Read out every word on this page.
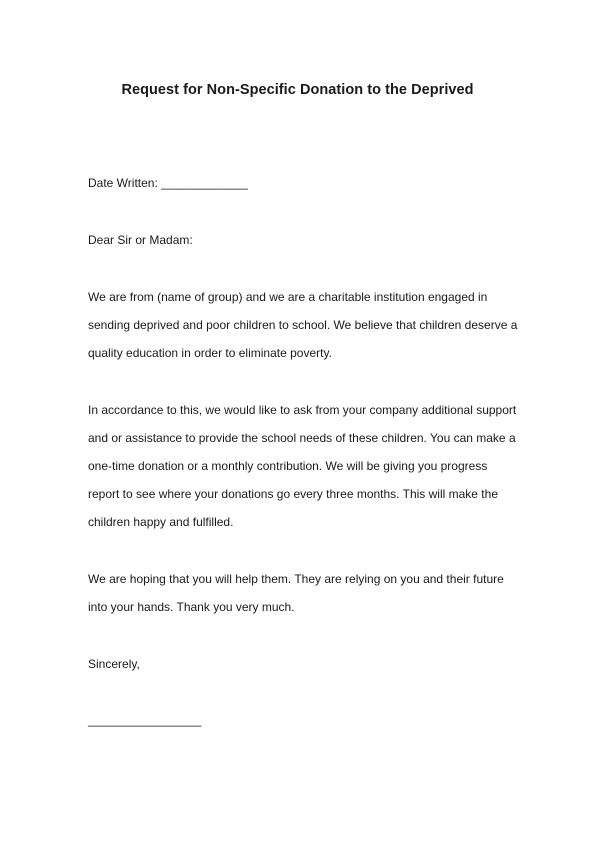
Request for Non-Specific Donation to the Deprived
Date Written: _____________
Dear Sir or Madam:
We are from (name of group) and we are a charitable institution engaged in
sending deprived and poor children to school. We believe that children deserve a
quality education in order to eliminate poverty.
In accordance to this, we would like to ask from your company additional support
and or assistance to provide the school needs of these children. You can make a
one-time donation or a monthly contribution. We will be giving you progress
report to see where your donations go every three months. This will make the
children happy and fulfilled.
We are hoping that you will help them. They are relying on you and their future
into your hands. Thank you very much.
Sincerely,
_________________
